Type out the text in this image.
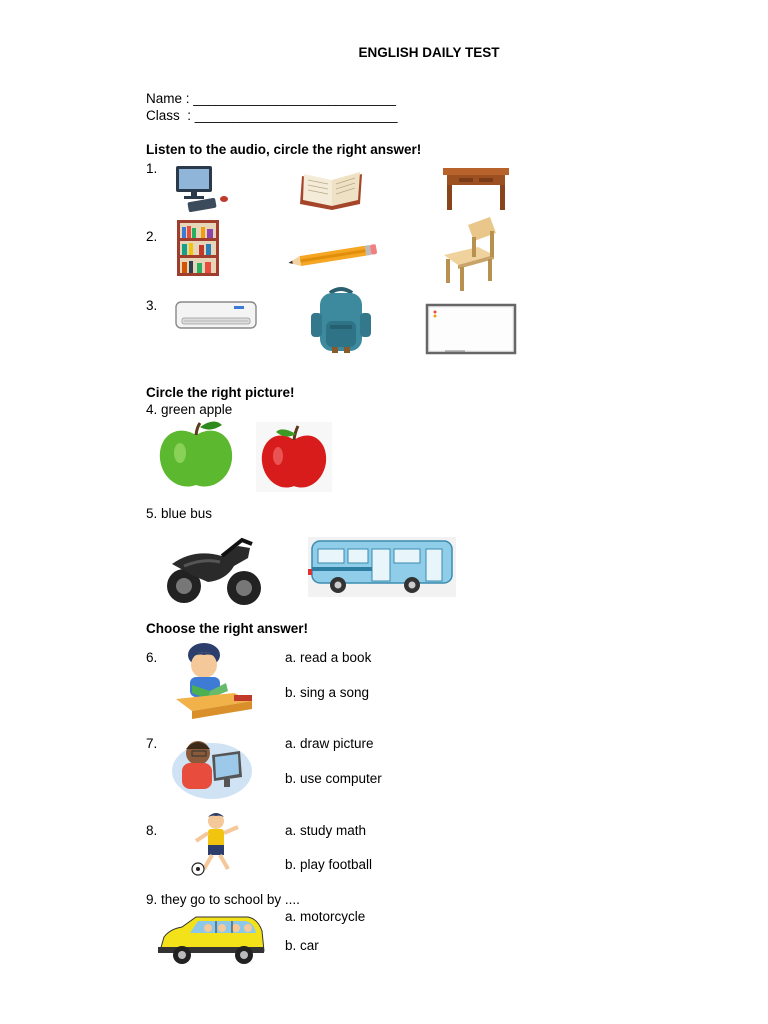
ENGLISH DAILY TEST
Name : ___________________________
Class  : ___________________________
Listen to the audio, circle the right answer!
1.
2.
3.
Circle the right picture!
4. green apple
5. blue bus
Choose the right answer!
6.	a. read a book
b. sing a song
7.	a. draw picture
b. use computer
8.	a. study math
b. play football
9. they go to school by ....
a. motorcycle
b. car
